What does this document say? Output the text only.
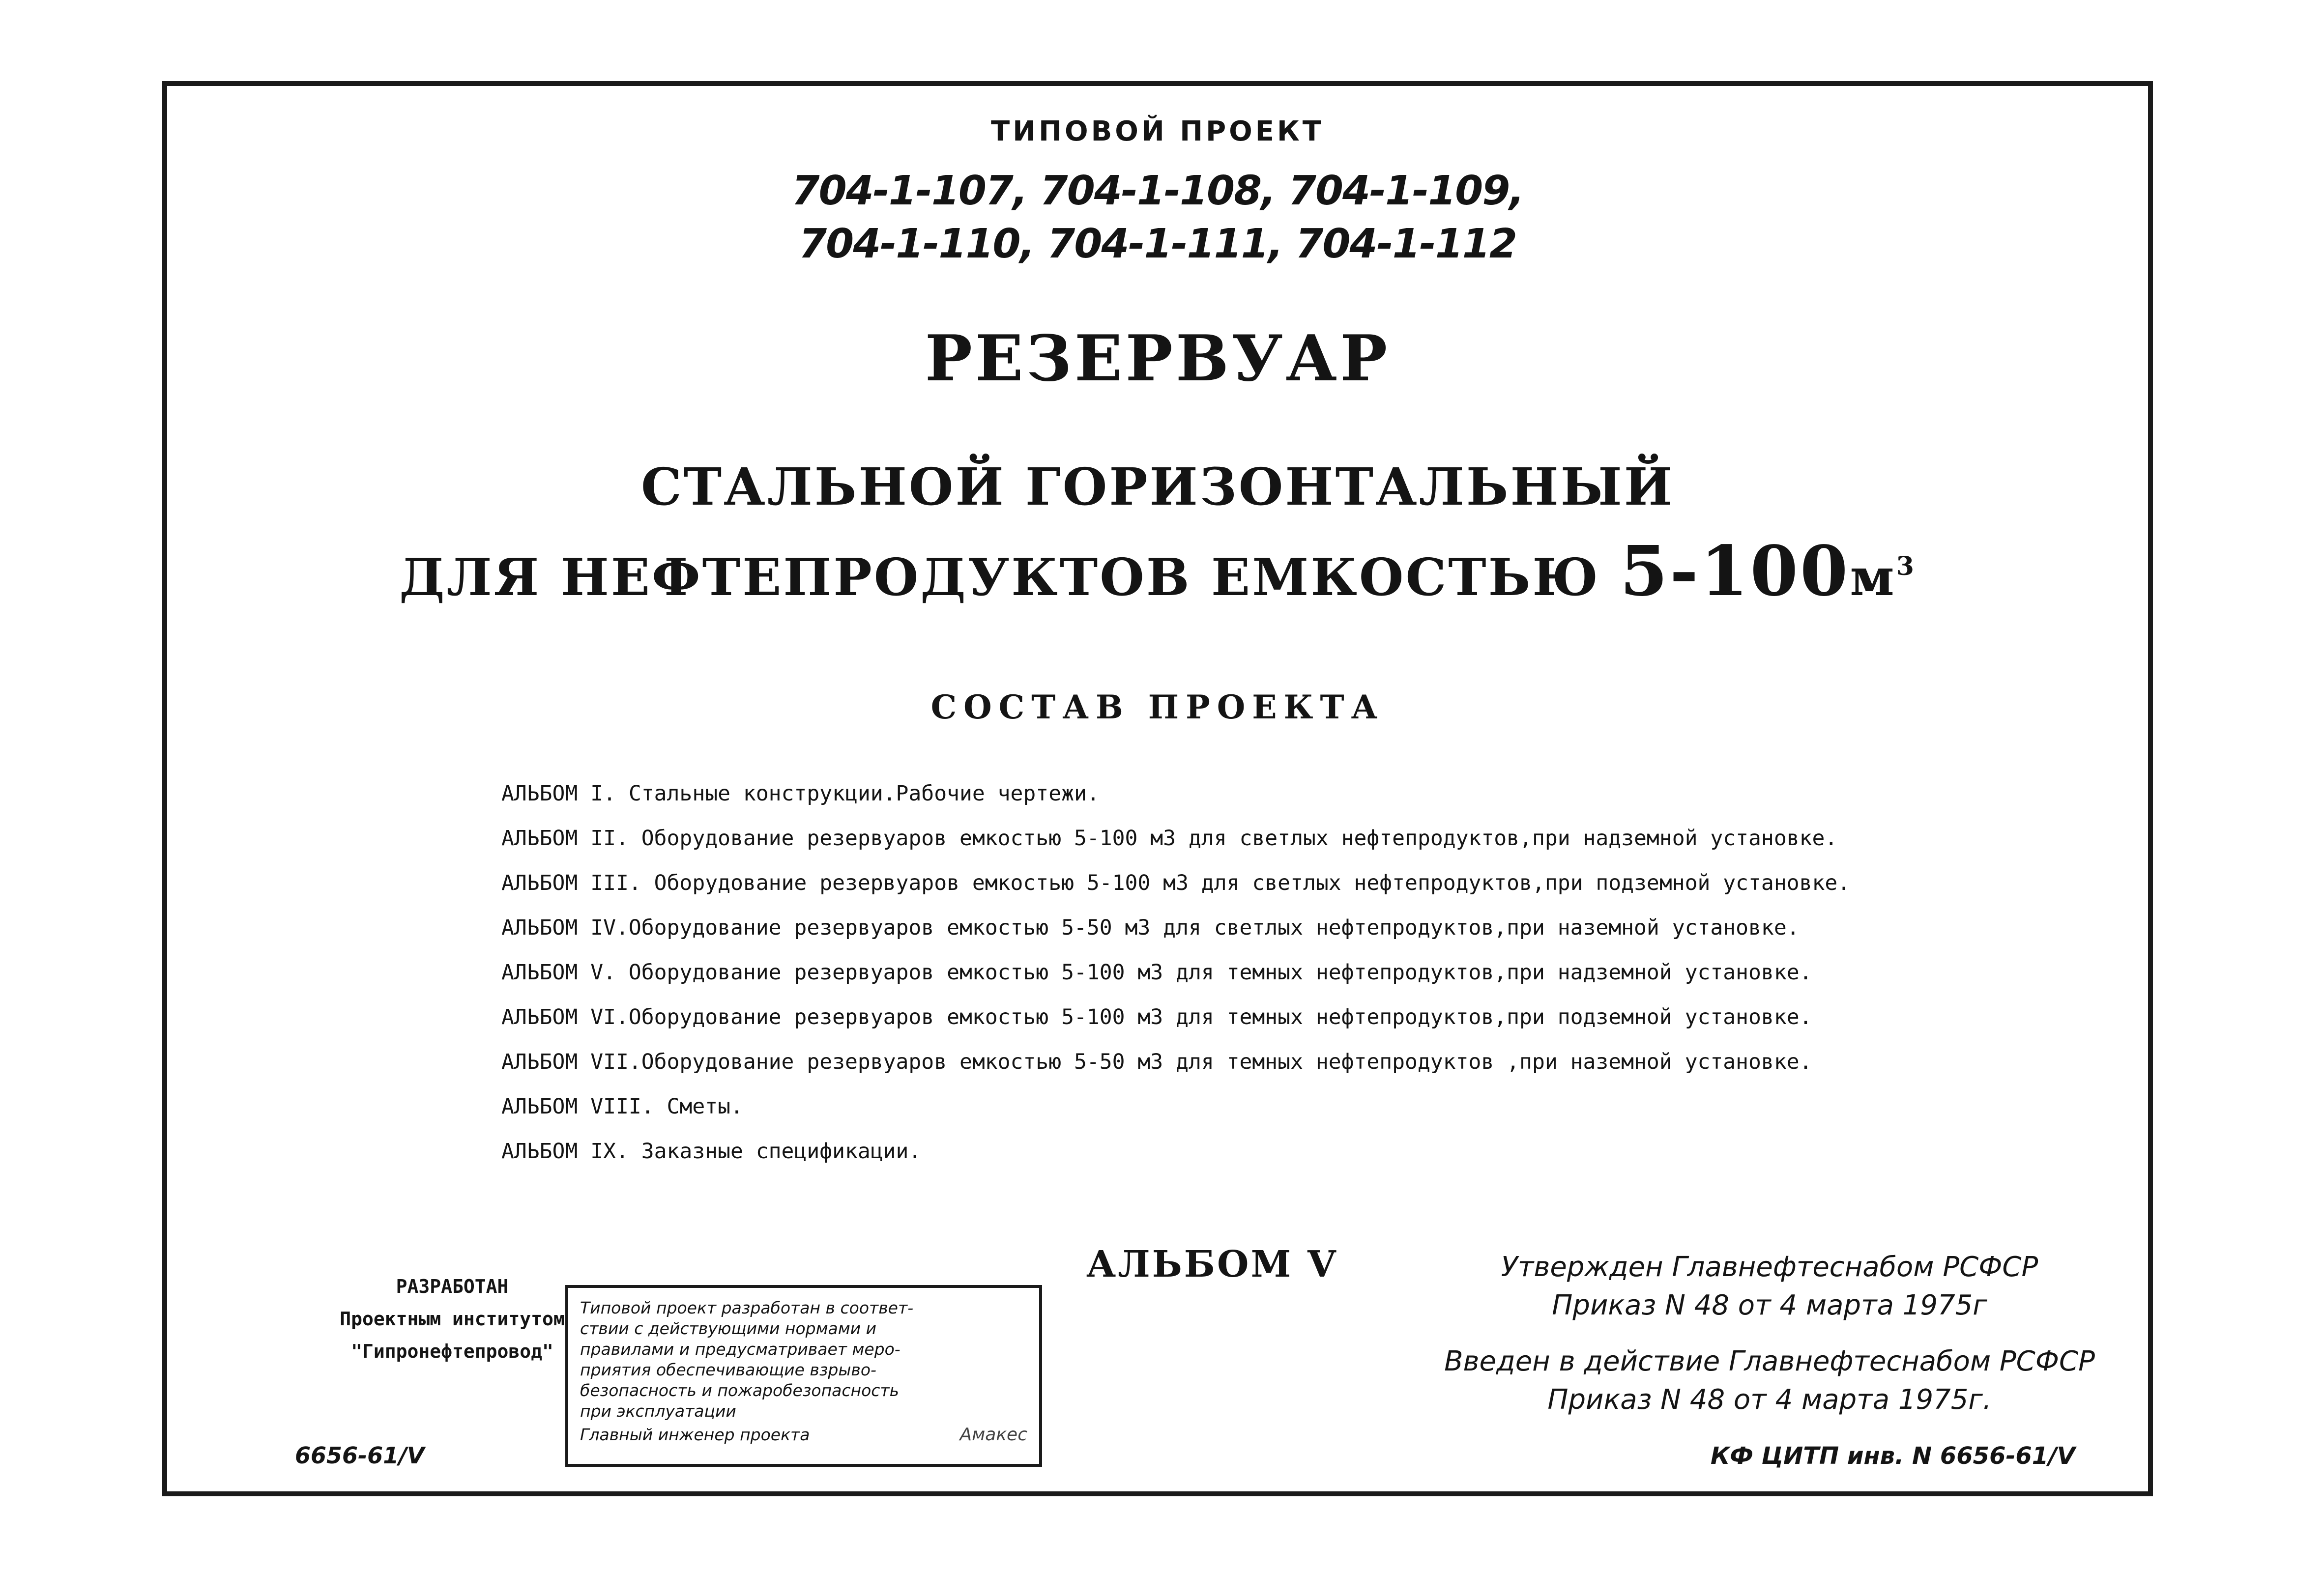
ТИПОВОЙ ПРОЕКТ
704-1-107, 704-1-108, 704-1-109,
704-1-110, 704-1-111, 704-1-112
РЕЗЕРВУАР
СТАЛЬНОЙ ГОРИЗОНТАЛЬНЫЙ
ДЛЯ НЕФТЕПРОДУКТОВ ЕМКОСТЬЮ $5-100м^3$
СОСТАВ ПРОЕКТА
АЛЬБОМ I. Стальные конструкции.Рабочие чертежи.
АЛЬБОМ II. Оборудование резервуаров емкостью 5-100 м3 для светлых нефтепродуктов,при надземной установке.
АЛЬБОМ III. Оборудование резервуаров емкостью 5-100 м3 для светлых нефтепродуктов,при подземной установке.
АЛЬБОМ IV.Оборудование резервуаров емкостью 5-50 м3 для светлых нефтепродуктов,при наземной установке.
АЛЬБОМ V. Оборудование резервуаров емкостью 5-100 м3 для темных нефтепродуктов,при надземной установке.
АЛЬБОМ VI.Оборудование резервуаров емкостью 5-100 м3 для темных нефтепродуктов,при подземной установке.
АЛЬБОМ VII.Оборудование резервуаров емкостью 5-50 м3 для темных нефтепродуктов ,при наземной установке.
АЛЬБОМ VIII. Сметы.
АЛЬБОМ IX. Заказные спецификации.
РАЗРАБОТАН
Проектным институтом
"Гипронефтепровод"
Типовой проект разработан в соответ-
ствии с действующими нормами и
правилами и предусматривает меро-
приятия обеспечивающие взрыво-
безопасность и пожаробезопасность
при эксплуатации
Главный инженер проекта	Амакес
АЛЬБОМ V	Утвержден Главнефтеснабом РСФСР
Приказ N 48 от 4 марта 1975г
Введен в действие Главнефтеснабом РСФСР
Приказ N 48 от 4 марта 1975г.
6656-61/V	КФ ЦИТП инв. N 6656-61/V
